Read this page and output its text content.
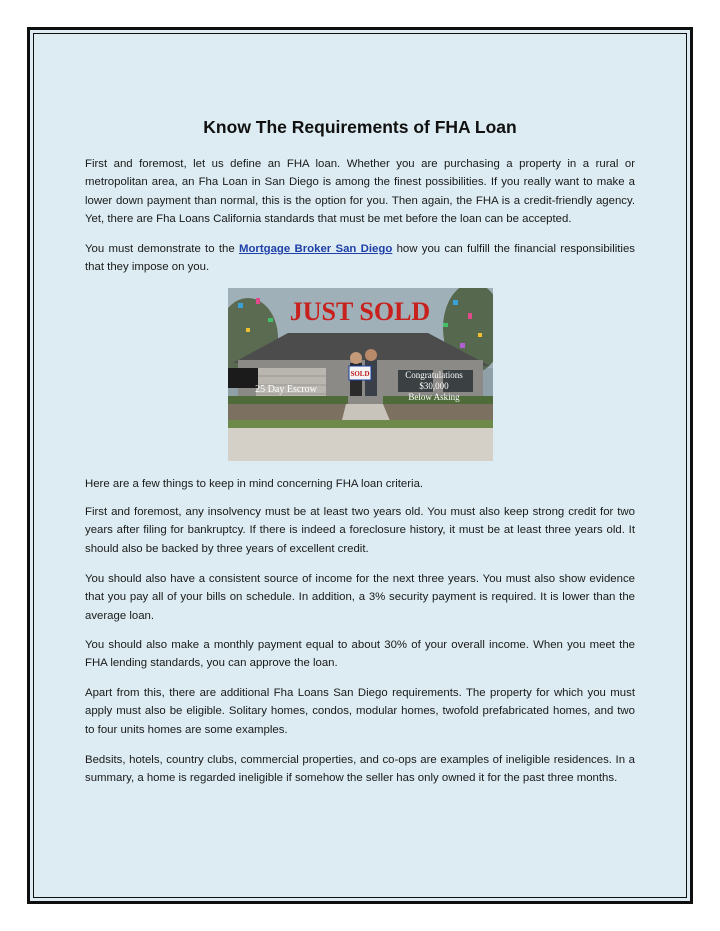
Know The Requirements of FHA Loan

First and foremost, let us define an FHA loan. Whether you are purchasing a property in a rural or metropolitan area, an Fha Loan in San Diego is among the finest possibilities. If you really want to make a lower down payment than normal, this is the option for you. Then again, the FHA is a credit-friendly agency. Yet, there are Fha Loans California standards that must be met before the loan can be accepted.

You must demonstrate to the Mortgage Broker San Diego how you can fulfill the financial responsibilities that they impose on you.

SOLD
JUST SOLD
25 Day Escrow
Congratulations
$30,000
Below Asking

Here are a few things to keep in mind concerning FHA loan criteria.

First and foremost, any insolvency must be at least two years old. You must also keep strong credit for two years after filing for bankruptcy. If there is indeed a foreclosure history, it must be at least three years old. It should also be backed by three years of excellent credit.

You should also have a consistent source of income for the next three years. You must also show evidence that you pay all of your bills on schedule. In addition, a 3% security payment is required. It is lower than the average loan.

You should also make a monthly payment equal to about 30% of your overall income. When you meet the FHA lending standards, you can approve the loan.

Apart from this, there are additional Fha Loans San Diego requirements. The property for which you must apply must also be eligible. Solitary homes, condos, modular homes, twofold prefabricated homes, and two to four units homes are some examples.

Bedsits, hotels, country clubs, commercial properties, and co-ops are examples of ineligible residences. In a summary, a home is regarded ineligible if somehow the seller has only owned it for the past three months.
